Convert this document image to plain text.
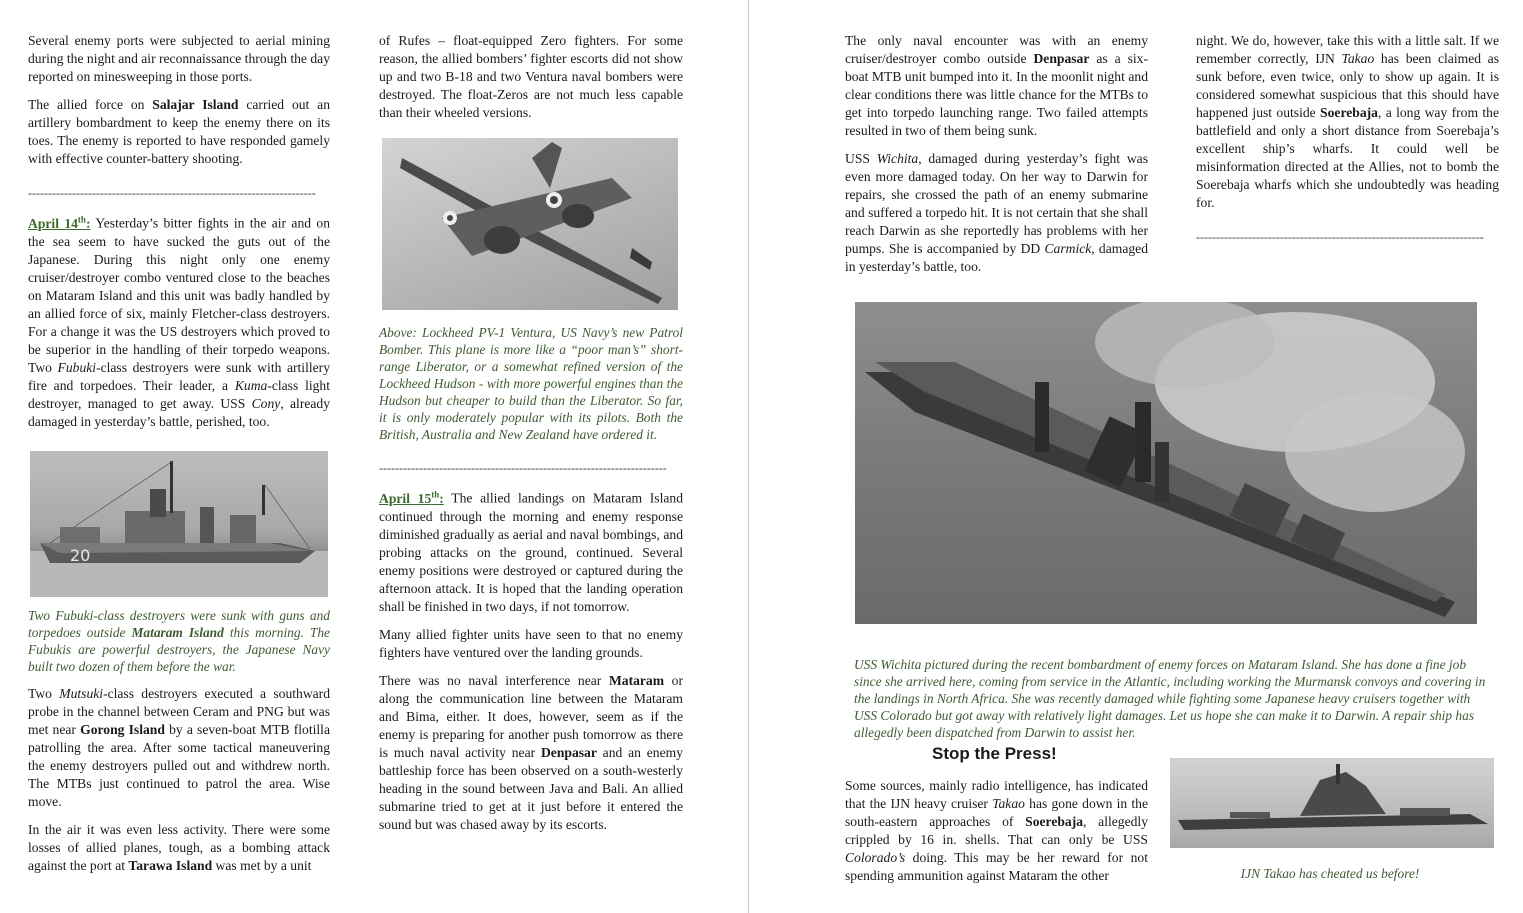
Several enemy ports were subjected to aerial mining during the night and air reconnaissance through the day reported on minesweeping in those ports.

The allied force on Salajar Island carried out an artillery bombardment to keep the enemy there on its toes. The enemy is reported to have responded gamely with effective counter-battery shooting.

------------------------------------------------------------------------

April 14th: Yesterday’s bitter fights in the air and on the sea seem to have sucked the guts out of the Japanese. During this night only one enemy cruiser/destroyer combo ventured close to the beaches on Mataram Island and this unit was badly handled by an allied force of six, mainly Fletcher-class destroyers. For a change it was the US destroyers which proved to be superior in the handling of their torpedo weapons. Two Fubuki-class destroyers were sunk with artillery fire and torpedoes. Their leader, a Kuma-class light destroyer, managed to get away. USS Cony, already damaged in yesterday’s battle, perished, too.

20

Two Fubuki-class destroyers were sunk with guns and torpedoes outside Mataram Island this morning. The Fubukis are powerful destroyers, the Japanese Navy built two dozen of them before the war.

Two Mutsuki-class destroyers executed a southward probe in the channel between Ceram and PNG but was met near Gorong Island by a seven-boat MTB flotilla patrolling the area. After some tactical maneuvering the enemy destroyers pulled out and withdrew north. The MTBs just continued to patrol the area. Wise move.

In the air it was even less activity. There were some losses of allied planes, tough, as a bombing attack against the port at Tarawa Island was met by a unit

of Rufes – float-equipped Zero fighters. For some reason, the allied bombers’ fighter escorts did not show up and two B-18 and two Ventura naval bombers were destroyed. The float-Zeros are not much less capable than their wheeled versions.

Above: Lockheed PV-1 Ventura, US Navy’s new Patrol Bomber. This plane is more like a “poor man’s” short-range Liberator, or a somewhat refined version of the Lockheed Hudson - with more powerful engines than the Hudson but cheaper to build than the Liberator. So far, it is only moderately popular with its pilots. Both the British, Australia and New Zealand have ordered it.

------------------------------------------------------------------------

April 15th: The allied landings on Mataram Island continued through the morning and enemy response diminished gradually as aerial and naval bombings, and probing attacks on the ground, continued. Several enemy positions were destroyed or captured during the afternoon attack. It is hoped that the landing operation shall be finished in two days, if not tomorrow.

Many allied fighter units have seen to that no enemy fighters have ventured over the landing grounds.

There was no naval interference near Mataram or along the communication line between the Mataram and Bima, either. It does, however, seem as if the enemy is preparing for another push tomorrow as there is much naval activity near Denpasar and an enemy battleship force has been observed on a south-westerly heading in the sound between Java and Bali. An allied submarine tried to get at it just before it entered the sound but was chased away by its escorts.

The only naval encounter was with an enemy cruiser/destroyer combo outside Denpasar as a six-boat MTB unit bumped into it. In the moonlit night and clear conditions there was little chance for the MTBs to get into torpedo launching range. Two failed attempts resulted in two of them being sunk.

USS Wichita, damaged during yesterday’s fight was even more damaged today. On her way to Darwin for repairs, she crossed the path of an enemy submarine and suffered a torpedo hit. It is not certain that she shall reach Darwin as she reportedly has problems with her pumps. She is accompanied by DD Carmick, damaged in yesterday’s battle, too.

night. We do, however, take this with a little salt. If we remember correctly, IJN Takao has been claimed as sunk before, even twice, only to show up again. It is considered somewhat suspicious that this should have happened just outside Soerebaja, a long way from the battlefield and only a short distance from Soerebaja’s excellent ship’s wharfs. It could well be misinformation directed at the Allies, not to bomb the Soerebaja wharfs which she undoubtedly was heading for.

------------------------------------------------------------------------

USS Wichita pictured during the recent bombardment of enemy forces on Mataram Island. She has done a fine job since she arrived here, coming from service in the Atlantic, including working the Murmansk convoys and covering in the landings in North Africa. She was recently damaged while fighting some Japanese heavy cruisers together with USS Colorado but got away with relatively light damages. Let us hope she can make it to Darwin. A repair ship has allegedly been dispatched from Darwin to assist her.

Stop the Press!

Some sources, mainly radio intelligence, has indicated that the IJN heavy cruiser Takao has gone down in the south-eastern approaches of Soerebaja, allegedly crippled by 16 in. shells. That can only be USS Colorado’s doing. This may be her reward for not spending ammunition against Mataram the other	IJN Takao has cheated us before!
